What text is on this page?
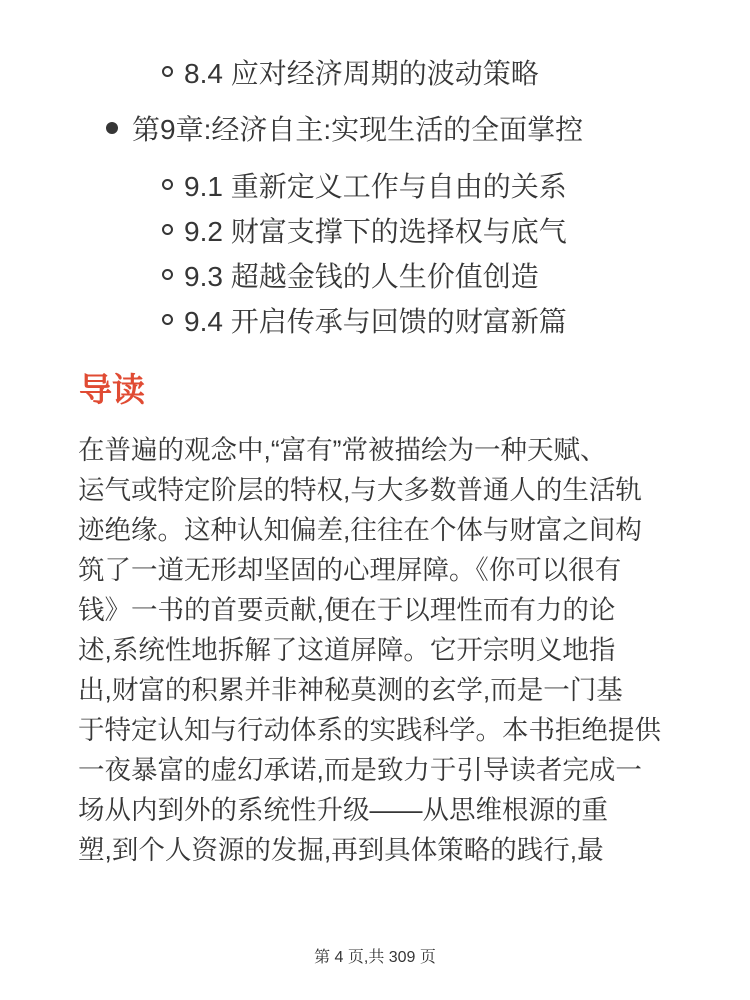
8.4 应对经济周期的波动策略
第9章:经济自主:实现生活的全面掌控
9.1 重新定义工作与自由的关系
9.2 财富支撑下的选择权与底气
9.3 超越金钱的人生价值创造
9.4 开启传承与回馈的财富新篇
导读
在普遍的观念中,“富有”常被描绘为一种天赋、
运气或特定阶层的特权,与大多数普通人的生活轨
迹绝缘。这种认知偏差,往往在个体与财富之间构
筑了一道无形却坚固的心理屏障。《你可以很有
钱》一书的首要贡献,便在于以理性而有力的论
述,系统性地拆解了这道屏障。它开宗明义地指
出,财富的积累并非神秘莫测的玄学,而是一门基
于特定认知与行动体系的实践科学。本书拒绝提供
一夜暴富的虚幻承诺,而是致力于引导读者完成一
场从内到外的系统性升级——从思维根源的重
塑,到个人资源的发掘,再到具体策略的践行,最
第 4 页,共 309 页
